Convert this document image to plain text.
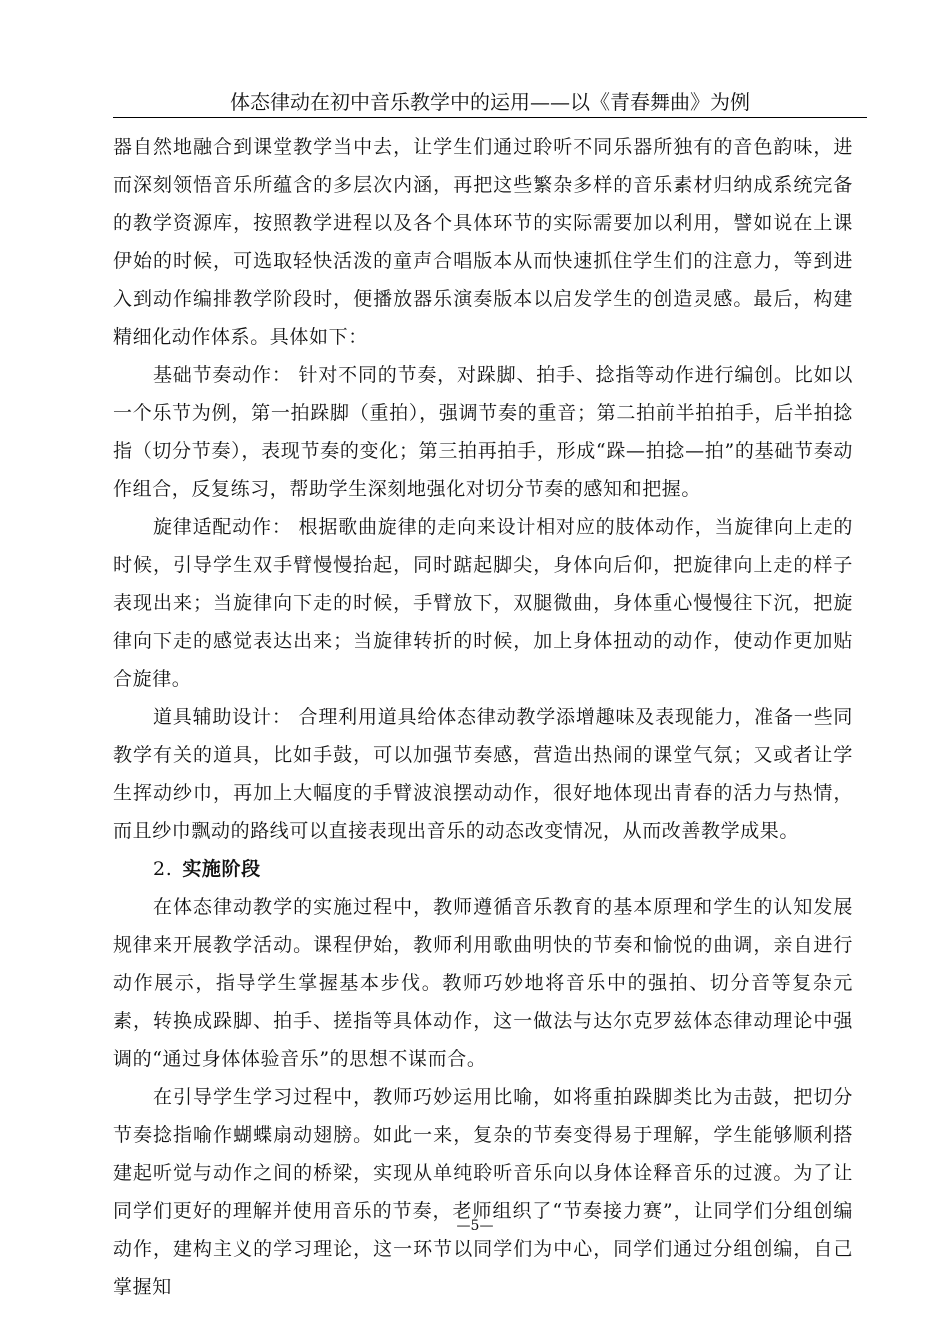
体态律动在初中音乐教学中的运用——以《青春舞曲》为例

器自然地融合到课堂教学当中去，让学生们通过聆听不同乐器所独有的音色韵味，进而深刻领悟音乐所蕴含的多层次内涵，再把这些繁杂多样的音乐素材归纳成系统完备的教学资源库，按照教学进程以及各个具体环节的实际需要加以利用，譬如说在上课伊始的时候，可选取轻快活泼的童声合唱版本从而快速抓住学生们的注意力，等到进入到动作编排教学阶段时，便播放器乐演奏版本以启发学生的创造灵感。最后，构建精细化动作体系。具体如下：

基础节奏动作： 针对不同的节奏，对跺脚、拍手、捻指等动作进行编创。比如以一个乐节为例，第一拍跺脚（重拍），强调节奏的重音；第二拍前半拍拍手，后半拍捻指（切分节奏），表现节奏的变化；第三拍再拍手，形成“跺—拍捻—拍”的基础节奏动作组合，反复练习，帮助学生深刻地强化对切分节奏的感知和把握。

旋律适配动作： 根据歌曲旋律的走向来设计相对应的肢体动作，当旋律向上走的时候，引导学生双手臂慢慢抬起，同时踮起脚尖，身体向后仰，把旋律向上走的样子表现出来；当旋律向下走的时候，手臂放下，双腿微曲，身体重心慢慢往下沉，把旋律向下走的感觉表达出来；当旋律转折的时候，加上身体扭动的动作，使动作更加贴合旋律。

道具辅助设计： 合理利用道具给体态律动教学添增趣味及表现能力，准备一些同教学有关的道具，比如手鼓，可以加强节奏感，营造出热闹的课堂气氛；又或者让学生挥动纱巾，再加上大幅度的手臂波浪摆动动作，很好地体现出青春的活力与热情，而且纱巾飘动的路线可以直接表现出音乐的动态改变情况，从而改善教学成果。

2. 实施阶段

在体态律动教学的实施过程中，教师遵循音乐教育的基本原理和学生的认知发展规律来开展教学活动。课程伊始，教师利用歌曲明快的节奏和愉悦的曲调，亲自进行动作展示，指导学生掌握基本步伐。教师巧妙地将音乐中的强拍、切分音等复杂元素，转换成跺脚、拍手、搓指等具体动作，这一做法与达尔克罗兹体态律动理论中强调的“通过身体体验音乐”的思想不谋而合。

在引导学生学习过程中，教师巧妙运用比喻，如将重拍跺脚类比为击鼓，把切分节奏捻指喻作蝴蝶扇动翅膀。如此一来，复杂的节奏变得易于理解，学生能够顺利搭建起听觉与动作之间的桥梁，实现从单纯聆听音乐向以身体诠释音乐的过渡。为了让同学们更好的理解并使用音乐的节奏，老师组织了“节奏接力赛”，让同学们分组创编动作，建构主义的学习理论，这一环节以同学们为中心，同学们通过分组创编，自己掌握知

—5—
